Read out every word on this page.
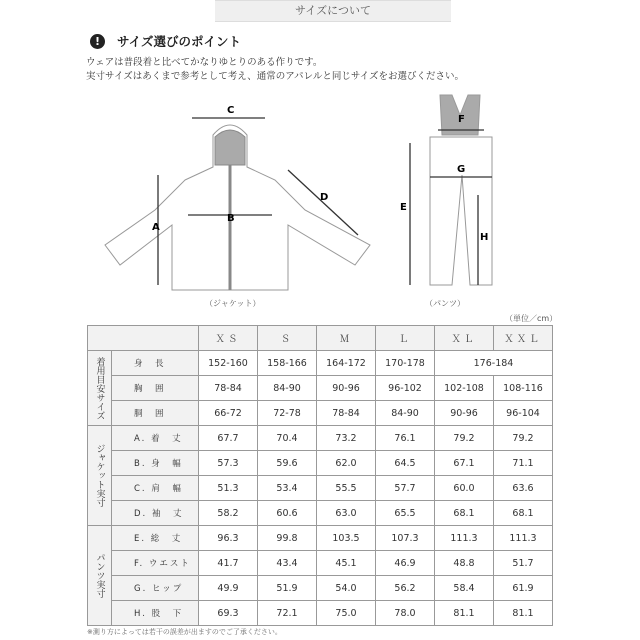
サイズについて
!	サイズ選びのポイント
ウェアは普段着と比べてかなりゆとりのある作りです。
実寸サイズはあくまで参考として考え、通常のアパレルと同じサイズをお選びください。
C
B
A
D
F
G
E
H
（ジャケット）	（パンツ）
（単位／cm）
		ＸＳ	Ｓ	Ｍ	Ｌ	ＸＬ	ＸＸＬ
着用目安サイズ	身　長	152-160	158-166	164-172	170-178	176-184	
	胸　囲	78-84	84-90	90-96	96-102	102-108	108-116
	胴　囲	66-72	72-78	78-84	84-90	90-96	96-104
ジャケット実寸	A. 着　丈	67.7	70.4	73.2	76.1	79.2	79.2
	B. 身　幅	57.3	59.6	62.0	64.5	67.1	71.1
	C. 肩　幅	51.3	53.4	55.5	57.7	60.0	63.6
	D. 袖　丈	58.2	60.6	63.0	65.5	68.1	68.1
パンツ実寸	E. 総　丈	96.3	99.8	103.5	107.3	111.3	111.3
	F. ウエスト	41.7	43.4	45.1	46.9	48.8	51.7
	G. ヒップ	49.9	51.9	54.0	56.2	58.4	61.9
	H. 股　下	69.3	72.1	75.0	78.0	81.1	81.1
※測り方によっては若干の誤差が出ますのでご了承ください。
